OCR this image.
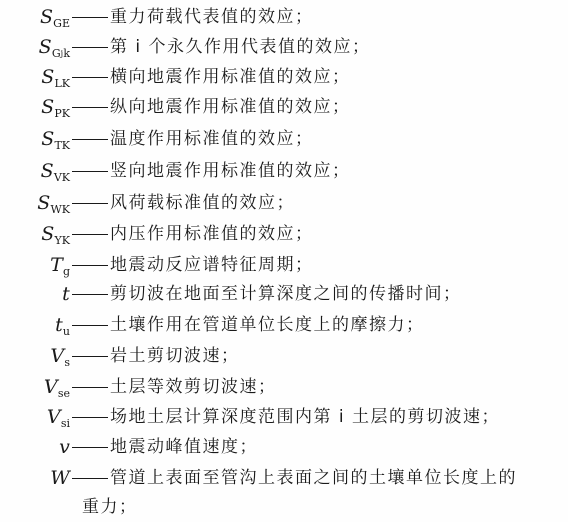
$S_{GE}$ 重力荷载代表值的效应；
$S_Gj_k$ 第 i 个永久作用代表值的效应；
$S_{LK}$ 横向地震作用标准值的效应；
$S_{PK}$ 纵向地震作用标准值的效应；
$S_{TK}$ 温度作用标准值的效应；
$S_{VK}$ 竖向地震作用标准值的效应；
$S_{WK}$ 风荷载标准值的效应；
$S_{YK}$ 内压作用标准值的效应；
$T_g$ 地震动反应谱特征周期；
t 剪切波在地面至计算深度之间的传播时间；
$t_u$ 土壤作用在管道单位长度上的摩擦力；
$V_s$ 岩土剪切波速；
$V_{se}$ 土层等效剪切波速；
$V_{si}$ 场地土层计算深度范围内第 i 土层的剪切波速；
v 地震动峰值速度；
W 管道上表面至管沟上表面之间的土壤单位长度上的
重力；
